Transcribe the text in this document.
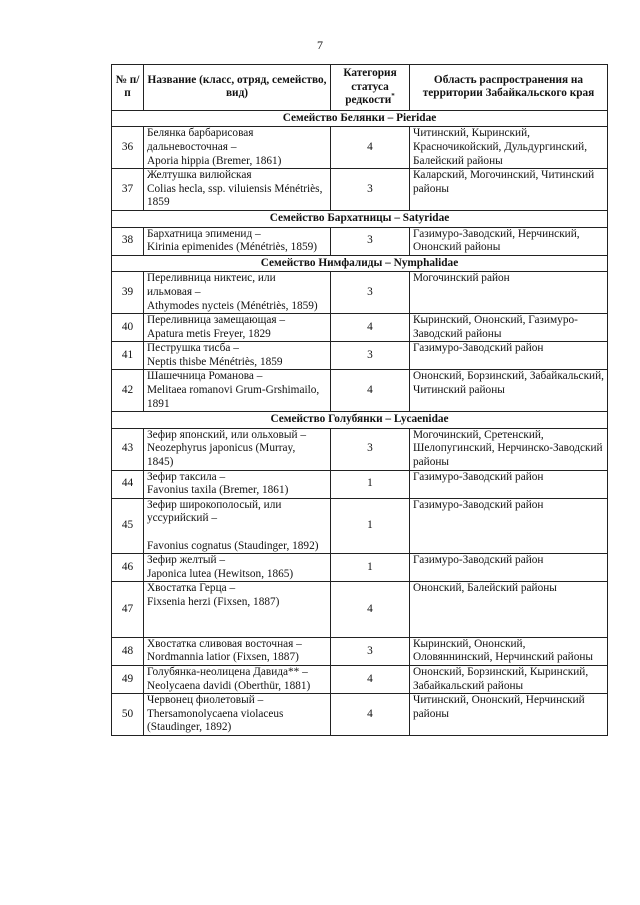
7
№ п/п	Название (класс, отряд, семейство, вид)	Категория статуса редкости*	Область распространения на территории Забайкальского края
Семейство Белянки – Pieridae			
36	Белянка барбарисовая
дальневосточная –
Aporia hippia (Bremer, 1861)	4	Читинский, Кыринский, Красночикойский, Дульдургинский, Балейский районы
37	Желтушка вилюйская
Colias hecla, ssp. viluiensis Ménétriès,
1859	3	Каларский, Могочинский, Читинский районы
Семейство Бархатницы – Satyridae			
38	Бархатница эпименид –
Kirinia epimenides (Ménétriès, 1859)	3	Газимуро-Заводский, Нерчинский, Ононский районы
Семейство Нимфалиды – Nymphalidae			
39	Переливница никтеис, или
ильмовая –
Athymodes nycteis (Ménétriès, 1859)	3	Могочинский район
40	Переливница замещающая –
Apatura metis Freyer, 1829	4	Кыринский, Ононский, Газимуро-Заводский районы
41	Пеструшка тисба –
Neptis thisbe Ménétriès, 1859	3	Газимуро-Заводский район
42	Шашечница Романова –
Melitaea romanovi Grum-Grshimailo,
1891	4	Ононский, Борзинский, Забайкальский, Читинский районы
Семейство Голубянки – Lycaenidae			
43	Зефир японский, или ольховый –
Neozephyrus japonicus (Murray,
1845)	3	Могочинский, Сретенский, Шелопугинский, Нерчинско-Заводский районы
44	Зефир таксила –
Favonius taxila (Bremer, 1861)	1	Газимуро-Заводский район
45	Зефир широкополосый, или
уссурийский –
Favonius cognatus (Staudinger, 1892)	1	Газимуро-Заводский район
46	Зефир желтый –
Japonica lutea (Hewitson, 1865)	1	Газимуро-Заводский район
47	Хвостатка Герца –
Fixsenia herzi (Fixsen, 1887)	4	Ононский, Балейский районы
48	Хвостатка сливовая восточная –
Nordmannia latior (Fixsen, 1887)	3	Кыринский, Ононский, Оловяннинский, Нерчинский районы
49	Голубянка-неолицена Давида** –
Neolycaena davidi (Oberthür, 1881)	4	Ононский, Борзинский, Кыринский, Забайкальский районы
50	Червонец фиолетовый –
Thersamonolycaena violaceus
(Staudinger, 1892)	4	Читинский, Ононский, Нерчинский районы
